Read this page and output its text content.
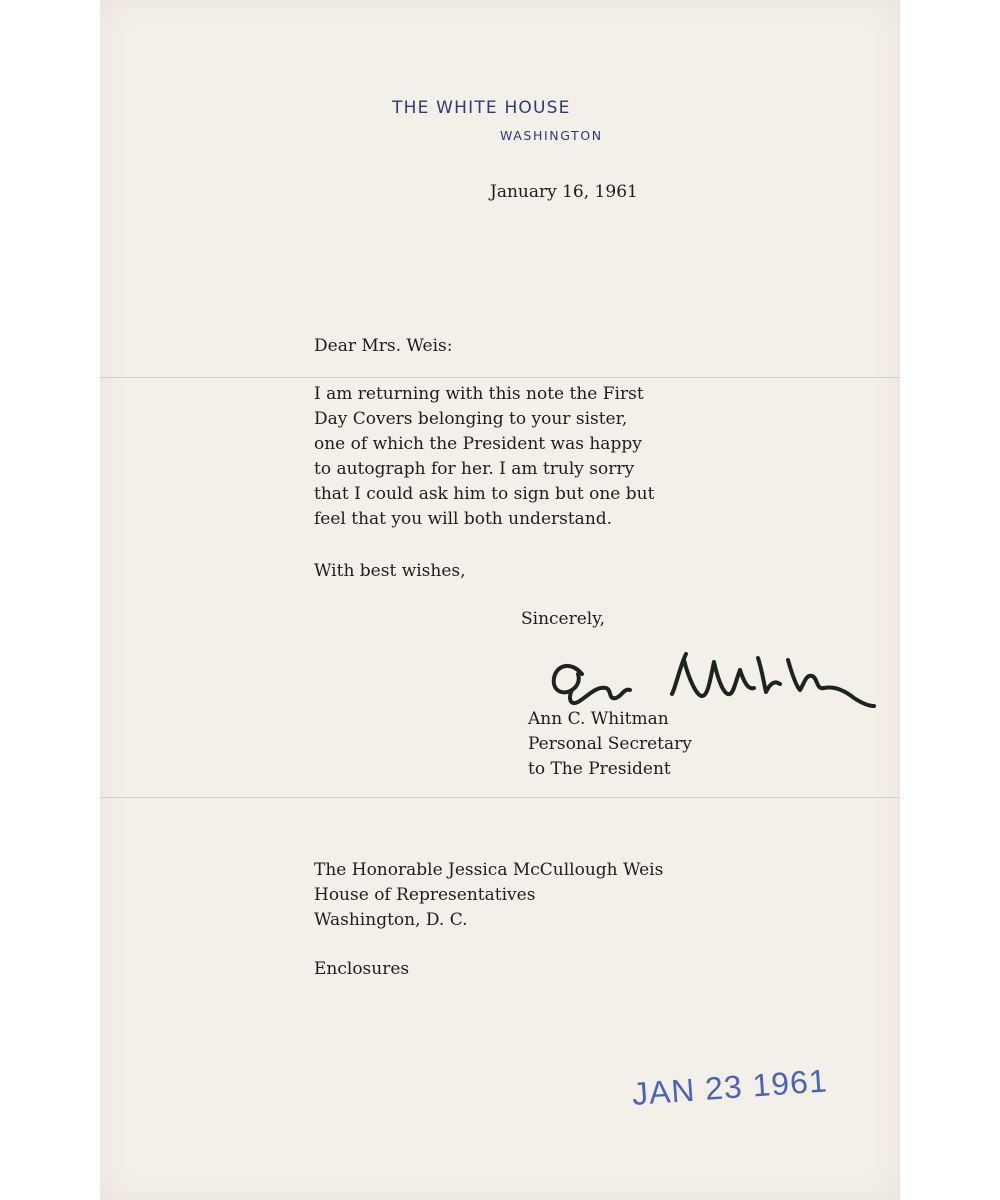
THE WHITE HOUSE
WASHINGTON
January 16, 1961
Dear Mrs. Weis:
I am returning with this note the First
Day Covers belonging to your sister,
one of which the President was happy
to autograph for her. I am truly sorry
that I could ask him to sign but one but
feel that you will both understand.
With best wishes,
Sincerely,
Ann C. Whitman
Personal Secretary
to The President
The Honorable Jessica McCullough Weis
House of Representatives
Washington, D. C.
Enclosures
JAN 23 1961
